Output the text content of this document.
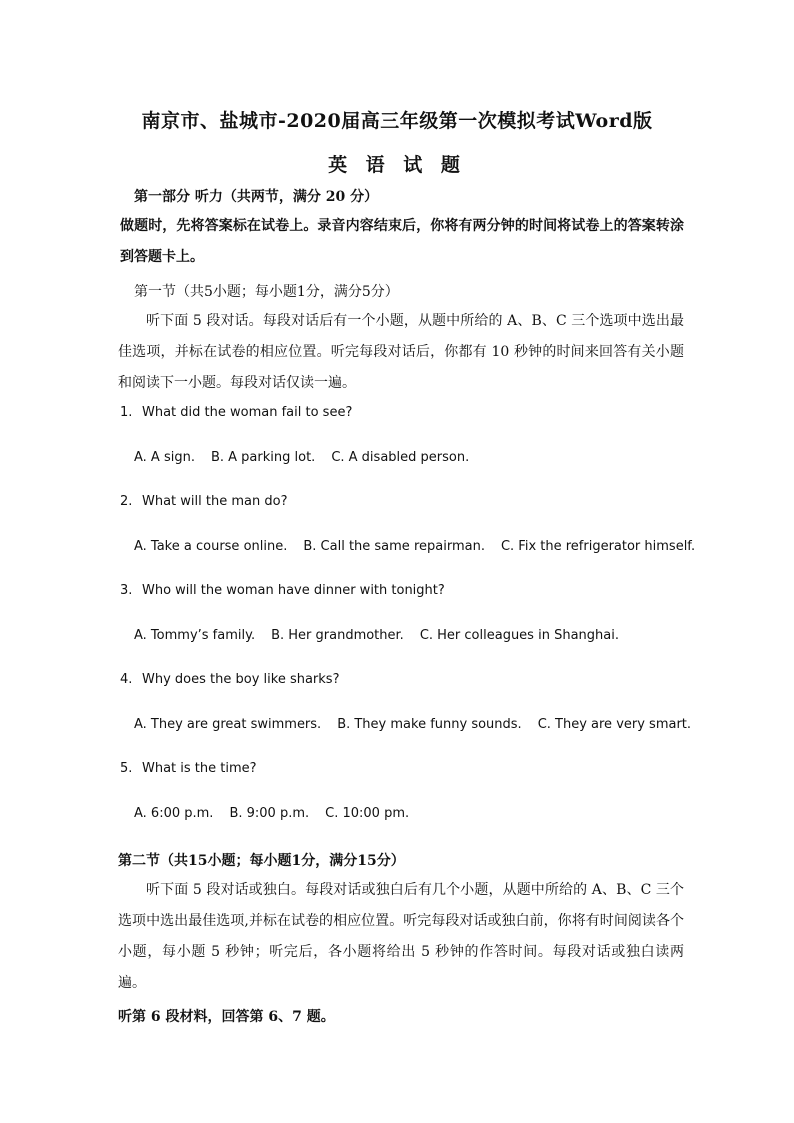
南京市、盐城市-2020届高三年级第一次模拟考试Word版
英 语 试 题
第一部分 听力（共两节，满分 20 分）
做题时，先将答案标在试卷上。录音内容结束后，你将有两分钟的时间将试卷上的答案转涂到答题卡上。
第一节（共5小题；每小题1分，满分5分）
听下面 5 段对话。每段对话后有一个小题，从题中所给的 A、B、C 三个选项中选出最佳选项，并标在试卷的相应位置。听完每段对话后，你都有 10 秒钟的时间来回答有关小题和阅读下一小题。每段对话仅读一遍。
1. What did the woman fail to see?
A. A sign. B. A parking lot. C. A disabled person.
2. What will the man do?
A. Take a course online. B. Call the same repairman. C. Fix the refrigerator himself.
3. Who will the woman have dinner with tonight?
A. Tommy’s family. B. Her grandmother. C. Her colleagues in Shanghai.
4. Why does the boy like sharks?
A. They are great swimmers. B. They make funny sounds. C. They are very smart.
5. What is the time?
A. 6:00 p.m. B. 9:00 p.m. C. 10:00 pm.
第二节（共15小题；每小题1分，满分15分）
听下面 5 段对话或独白。每段对话或独白后有几个小题，从题中所给的 A、B、C 三个选项中选出最佳选项,并标在试卷的相应位置。听完每段对话或独白前，你将有时间阅读各个小题，每小题 5 秒钟；听完后，各小题将给出 5 秒钟的作答时间。每段对话或独白读两遍。
听第 6 段材料，回答第 6、7 题。
